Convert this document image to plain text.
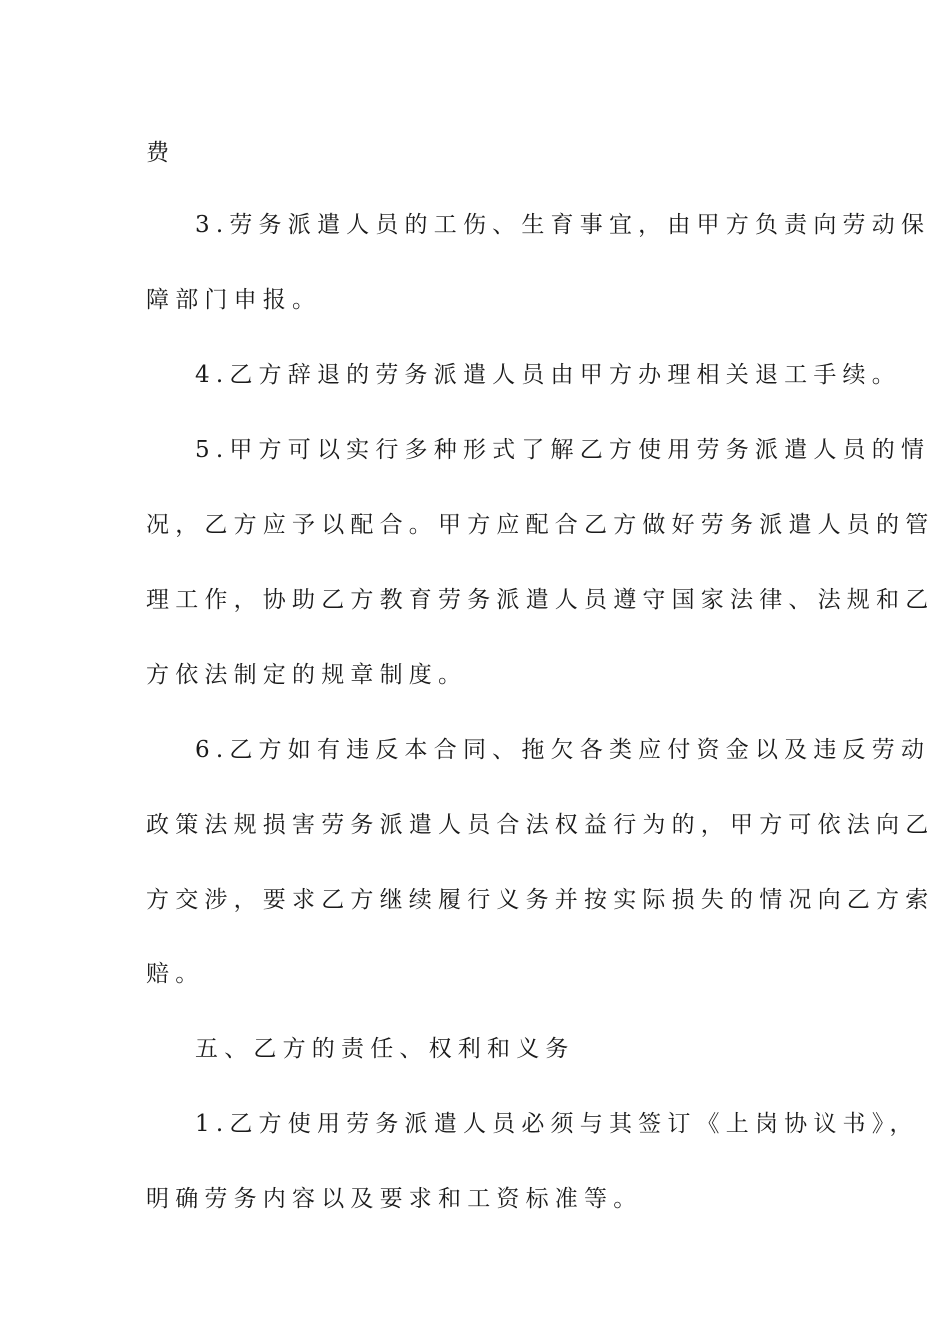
费
3.劳务派遣人员的工伤、生育事宜，由甲方负责向劳动保
障部门申报。
4.乙方辞退的劳务派遣人员由甲方办理相关退工手续。
5.甲方可以实行多种形式了解乙方使用劳务派遣人员的情
况，乙方应予以配合。甲方应配合乙方做好劳务派遣人员的管
理工作，协助乙方教育劳务派遣人员遵守国家法律、法规和乙
方依法制定的规章制度。
6.乙方如有违反本合同、拖欠各类应付资金以及违反劳动
政策法规损害劳务派遣人员合法权益行为的，甲方可依法向乙
方交涉，要求乙方继续履行义务并按实际损失的情况向乙方索
赔。
五、乙方的责任、权利和义务
1.乙方使用劳务派遣人员必须与其签订《上岗协议书》，
明确劳务内容以及要求和工资标准等。
